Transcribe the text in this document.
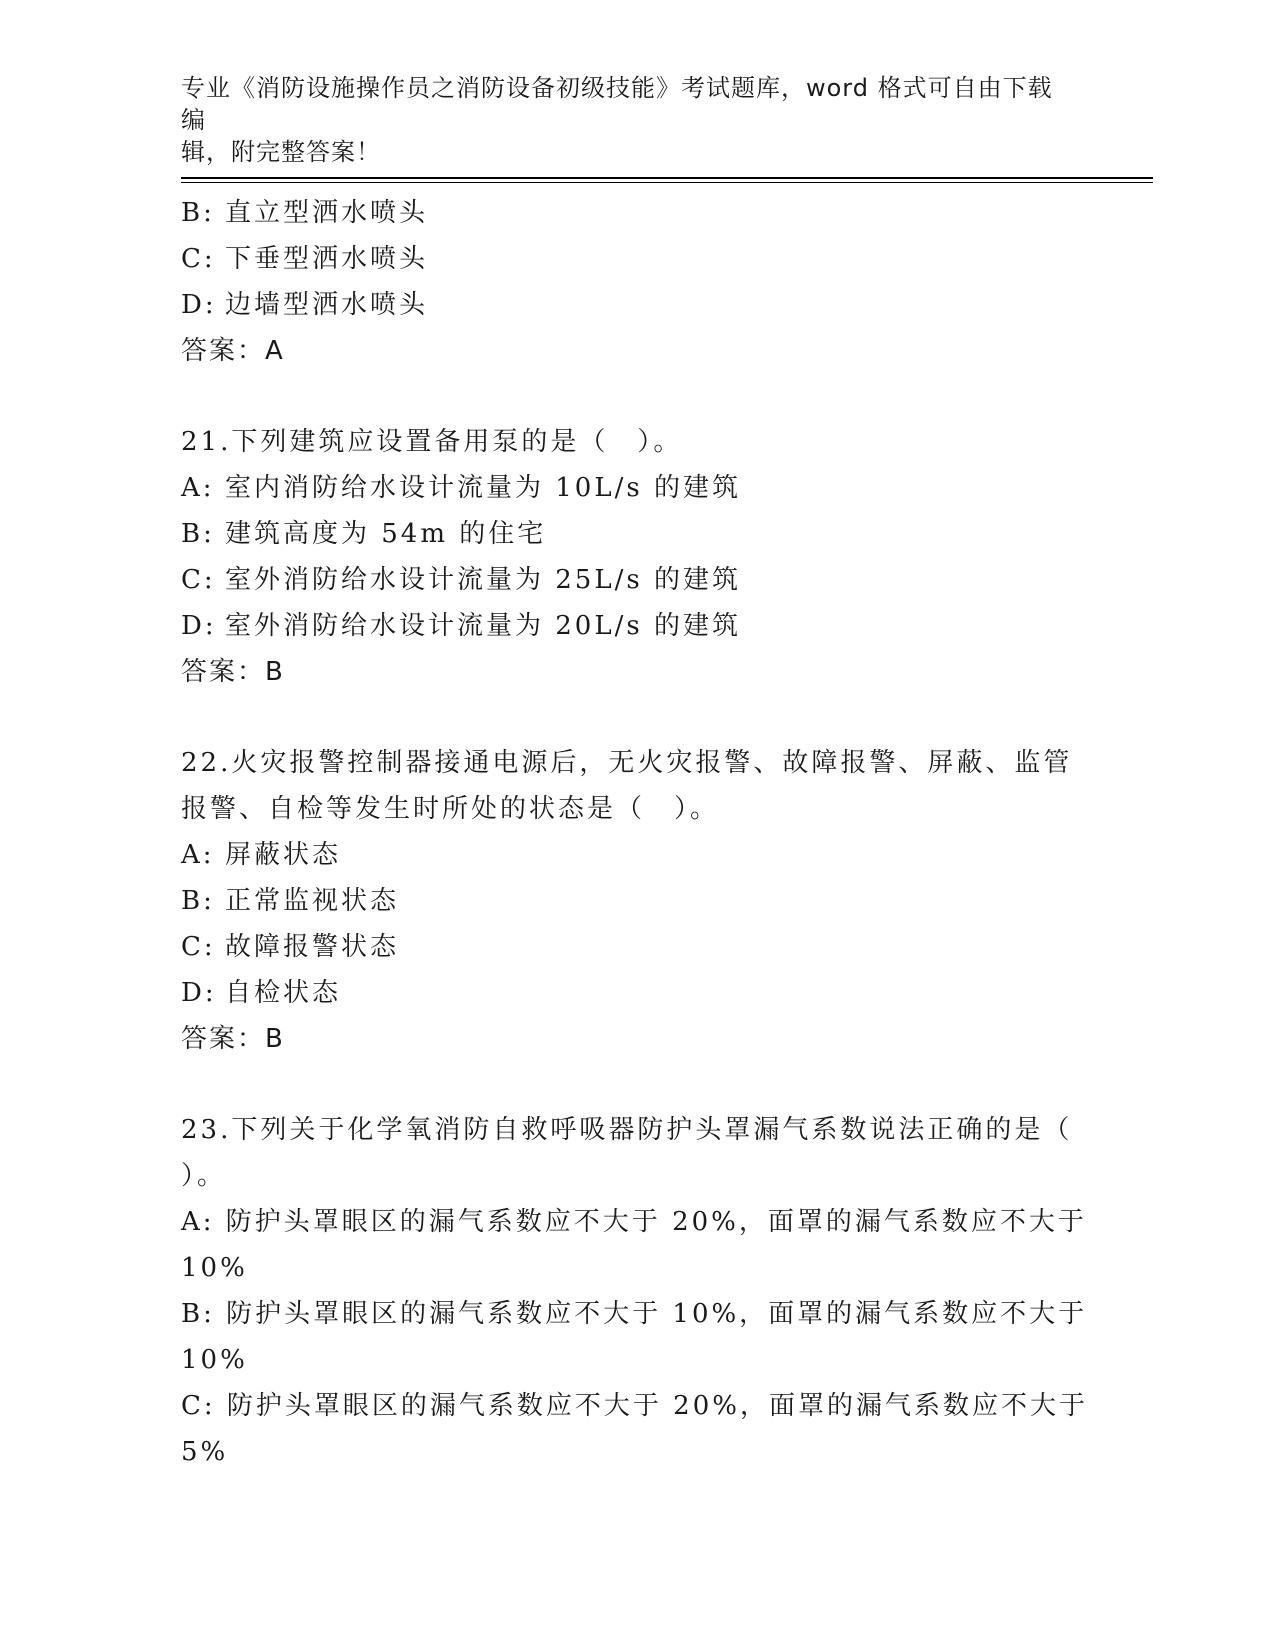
专业《消防设施操作员之消防设备初级技能》考试题库，word 格式可自由下载编
辑，附完整答案！
B: 直立型洒水喷头
C: 下垂型洒水喷头
D: 边墙型洒水喷头
答案：A
21.下列建筑应设置备用泵的是（　）。
A: 室内消防给水设计流量为 10L/s 的建筑
B: 建筑高度为 54m 的住宅
C: 室外消防给水设计流量为 25L/s 的建筑
D: 室外消防给水设计流量为 20L/s 的建筑
答案：B
22.火灾报警控制器接通电源后，无火灾报警、故障报警、屏蔽、监管
报警、自检等发生时所处的状态是（　）。
A: 屏蔽状态
B: 正常监视状态
C: 故障报警状态
D: 自检状态
答案：B
23.下列关于化学氧消防自救呼吸器防护头罩漏气系数说法正确的是（
）。
A: 防护头罩眼区的漏气系数应不大于 20%，面罩的漏气系数应不大于
10%
B: 防护头罩眼区的漏气系数应不大于 10%，面罩的漏气系数应不大于
10%
C: 防护头罩眼区的漏气系数应不大于 20%，面罩的漏气系数应不大于
5%
